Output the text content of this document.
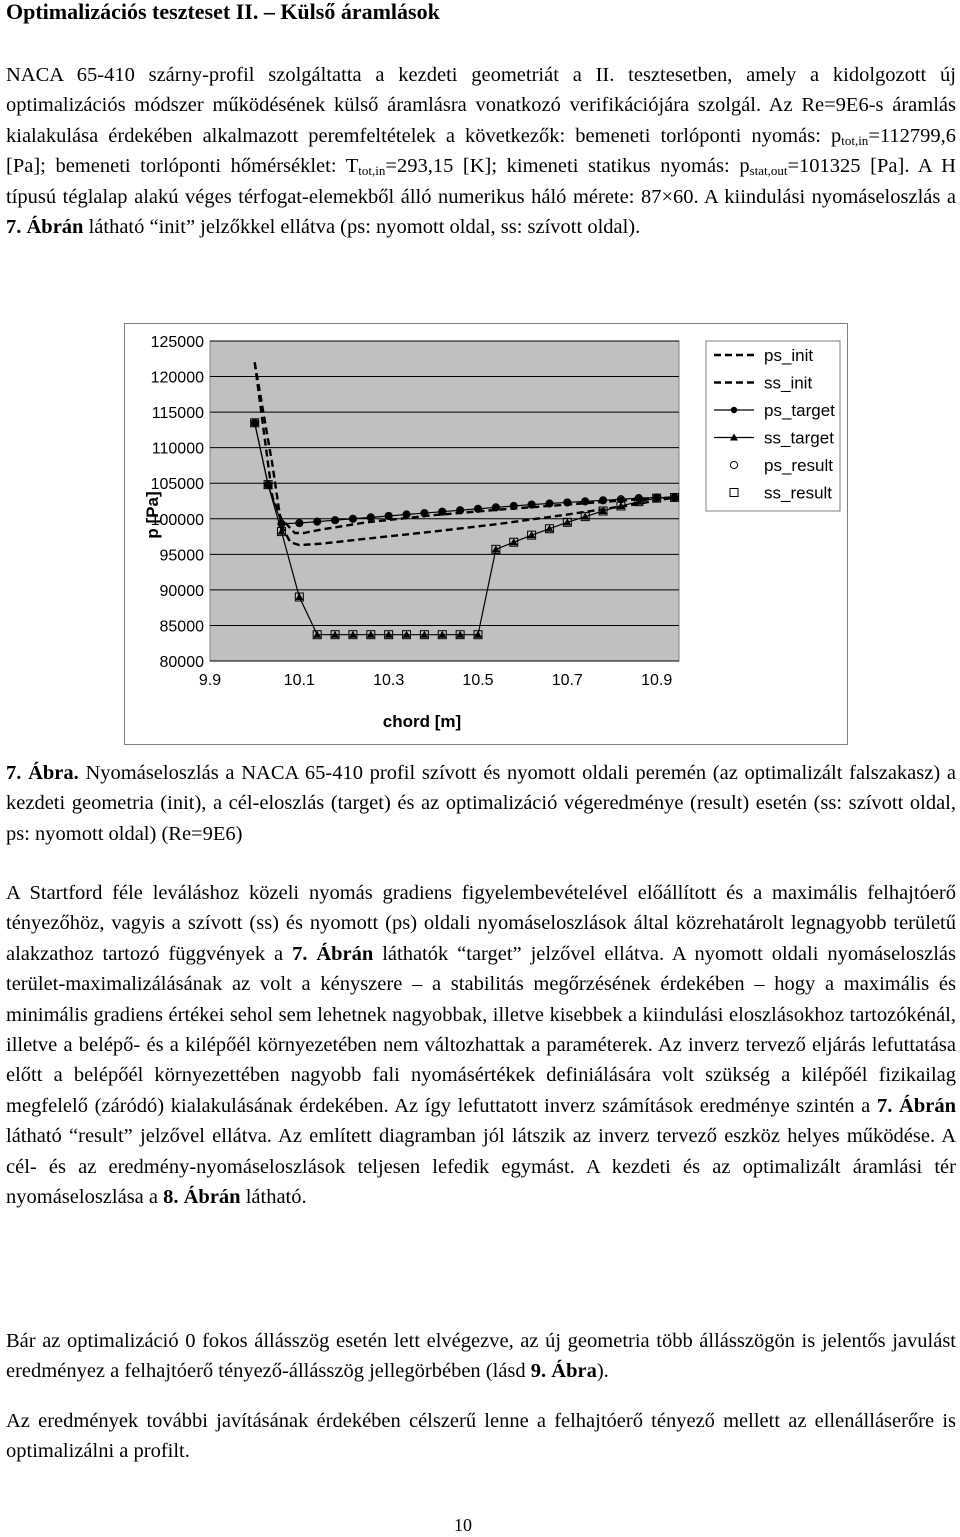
Optimalizációs teszteset II. – Külső áramlások
NACA 65-410 szárny-profil szolgáltatta a kezdeti geometriát a II. tesztesetben, amely a kidolgozott új optimalizációs módszer működésének külső áramlásra vonatkozó verifikációjára szolgál. Az Re=9E6-s áramlás kialakulása érdekében alkalmazott peremfeltételek a következők: bemeneti torlóponti nyomás: $p_{tot,in}=112799,6$ [Pa]; bemeneti torlóponti hőmérséklet: $T_{tot,in}=293,15$ [K]; kimeneti statikus nyomás: $p_{stat,out}=101325$ [Pa]. A H típusú téglalap alakú véges térfogat-elemekből álló numerikus háló mérete: 87×60. A kiindulási nyomáseloszlás a 7. Ábrán látható “init” jelzőkkel ellátva (ps: nyomott oldal, ss: szívott oldal).
125000
120000
115000
110000
105000
100000
95000
90000
85000
80000
9.9	10.1	10.3	10.5	10.7	10.9
chord [m]
p [Pa]
ps_init
ss_init
ps_target
ss_target
ps_result
ss_result
7. Ábra. Nyomáseloszlás a NACA 65-410 profil szívott és nyomott oldali peremén (az optimalizált falszakasz) a kezdeti geometria (init), a cél-eloszlás (target) és az optimalizáció végeredménye (result) esetén (ss: szívott oldal, ps: nyomott oldal) (Re=9E6)
A Startford féle leváláshoz közeli nyomás gradiens figyelembevételével előállított és a maximális felhajtóerő tényezőhöz, vagyis a szívott (ss) és nyomott (ps) oldali nyomáseloszlások által közrehatárolt legnagyobb területű alakzathoz tartozó függvények a 7. Ábrán láthatók “target” jelzővel ellátva. A nyomott oldali nyomáseloszlás terület-maximalizálásának az volt a kényszere – a stabilitás megőrzésének érdekében – hogy a maximális és minimális gradiens értékei sehol sem lehetnek nagyobbak, illetve kisebbek a kiindulási eloszlásokhoz tartozókénál, illetve a belépő- és a kilépőél környezetében nem változhattak a paraméterek. Az inverz tervező eljárás lefuttatása előtt a belépőél környezettében nagyobb fali nyomásértékek definiálására volt szükség a kilépőél fizikailag megfelelő (záródó) kialakulásának érdekében. Az így lefuttatott inverz számítások eredménye szintén a 7. Ábrán látható “result” jelzővel ellátva. Az említett diagramban jól látszik az inverz tervező eszköz helyes működése. A cél- és az eredmény-nyomáseloszlások teljesen lefedik egymást. A kezdeti és az optimalizált áramlási tér nyomáseloszlása a 8. Ábrán látható.
Bár az optimalizáció 0 fokos állásszög esetén lett elvégezve, az új geometria több állásszögön is jelentős javulást eredményez a felhajtóerő tényező-állásszög jellegörbében (lásd 9. Ábra).
Az eredmények további javításának érdekében célszerű lenne a felhajtóerő tényező mellett az ellenálláserőre is optimalizálni a profilt.
10
